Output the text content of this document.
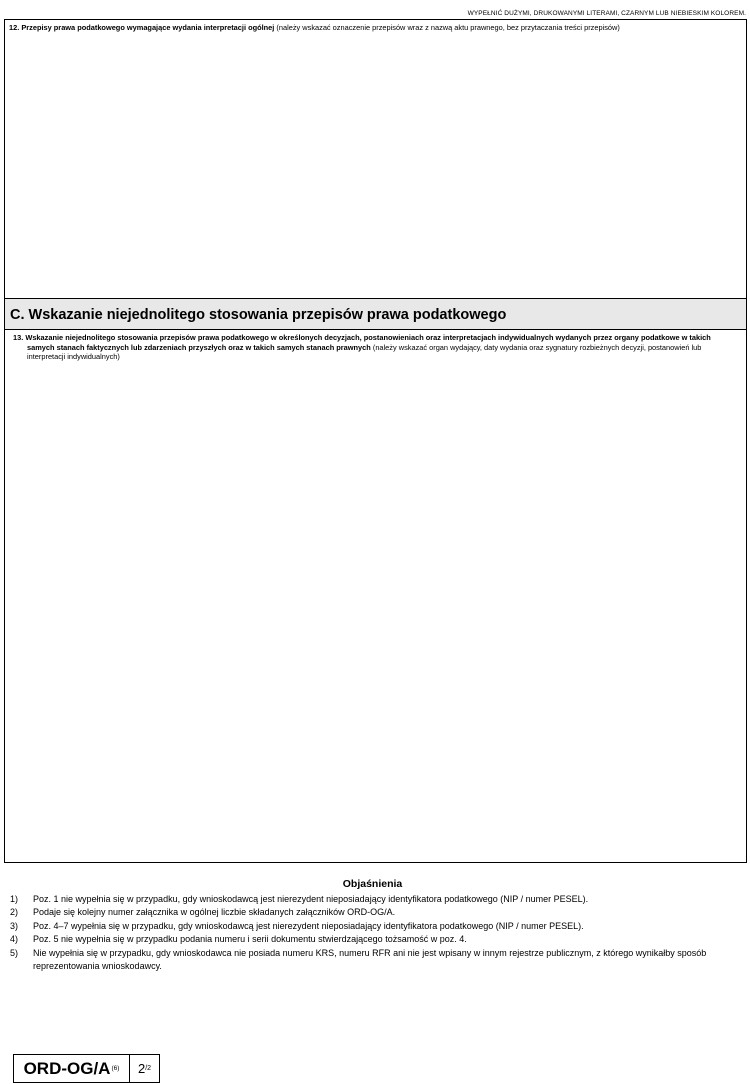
WYPEŁNIĆ DUŻYMI, DRUKOWANYMI LITERAMI, CZARNYM LUB NIEBIESKIM KOLOREM.
12. Przepisy prawa podatkowego wymagające wydania interpretacji ogólnej (należy wskazać oznaczenie przepisów wraz z nazwą aktu prawnego, bez przytaczania treści przepisów)
C. Wskazanie niejednolitego stosowania przepisów prawa podatkowego
13. Wskazanie niejednolitego stosowania przepisów prawa podatkowego w określonych decyzjach, postanowieniach oraz interpretacjach indywidualnych wydanych przez organy podatkowe w takich samych stanach faktycznych lub zdarzeniach przyszłych oraz w takich samych stanach prawnych (należy wskazać organ wydający, daty wydania oraz sygnatury rozbieżnych decyzji, postanowień lub interpretacji indywidualnych)
Objaśnienia
1)	Poz. 1 nie wypełnia się w przypadku, gdy wnioskodawcą jest nierezydent nieposiadający identyfikatora podatkowego (NIP / numer PESEL).
2)	Podaje się kolejny numer załącznika w ogólnej liczbie składanych załączników ORD-OG/A.
3)	Poz. 4–7 wypełnia się w przypadku, gdy wnioskodawcą jest nierezydent nieposiadający identyfikatora podatkowego (NIP / numer PESEL).
4)	Poz. 5 nie wypełnia się w przypadku podania numeru i serii dokumentu stwierdzającego tożsamość w poz. 4.
5)	Nie wypełnia się w przypadku, gdy wnioskodawca nie posiada numeru KRS, numeru RFR ani nie jest wpisany w innym rejestrze publicznym, z którego wynikałby sposób reprezentowania wnioskodawcy.
ORD-OG/A (6) 2 /2
